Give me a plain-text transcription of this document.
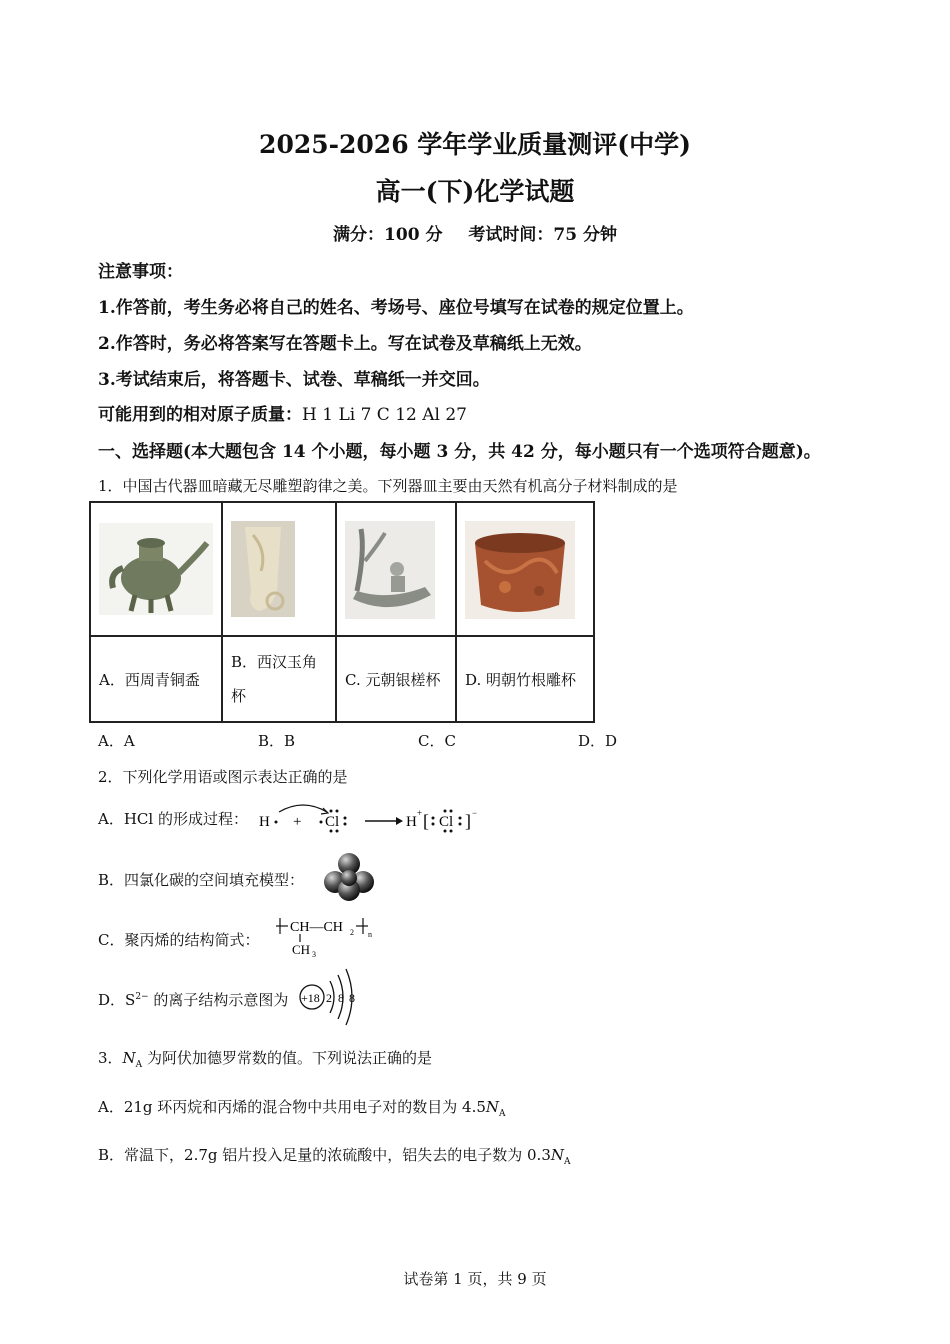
2025-2026 学年学业质量测评(中学)
高一(下)化学试题
满分：100 分 考试时间：75 分钟
注意事项：
1.作答前，考生务必将自己的姓名、考场号、座位号填写在试卷的规定位置上。
2.作答时，务必将答案写在答题卡上。写在试卷及草稿纸上无效。
3.考试结束后，将答题卡、试卷、草稿纸一并交回。
可能用到的相对原子质量：H 1 Li 7 C 12 Al 27
一、选择题(本大题包含 14 个小题，每小题 3 分，共 42 分，每小题只有一个选项符合题意)。
1．中国古代器皿暗藏无尽雕塑韵律之美。下列器皿主要由天然有机高分子材料制成的是

A．西周青铜盉	B．西汉玉角
杯	C. 元朝银槎杯	D. 明朝竹根雕杯
A．A	B．B	C．C	D．D
2．下列化学用语或图示表达正确的是
A．HCl 的形成过程： H + Cl	H
+ [ Cl ] −
B．四氯化碳的空间填充模型：
C．聚丙烯的结构简式：
CH—CH 2 n
CH 3
D．$S^{2-}$ 的离子结构示意图为 +18 2 8 8
3．$N_A$ 为阿伏加德罗常数的值。下列说法正确的是
A．21g 环丙烷和丙烯的混合物中共用电子对的数目为 $4.5N_A$
B．常温下，2.7g 铝片投入足量的浓硫酸中，铝失去的电子数为 $0.3N_A$
试卷第 1 页，共 9 页
